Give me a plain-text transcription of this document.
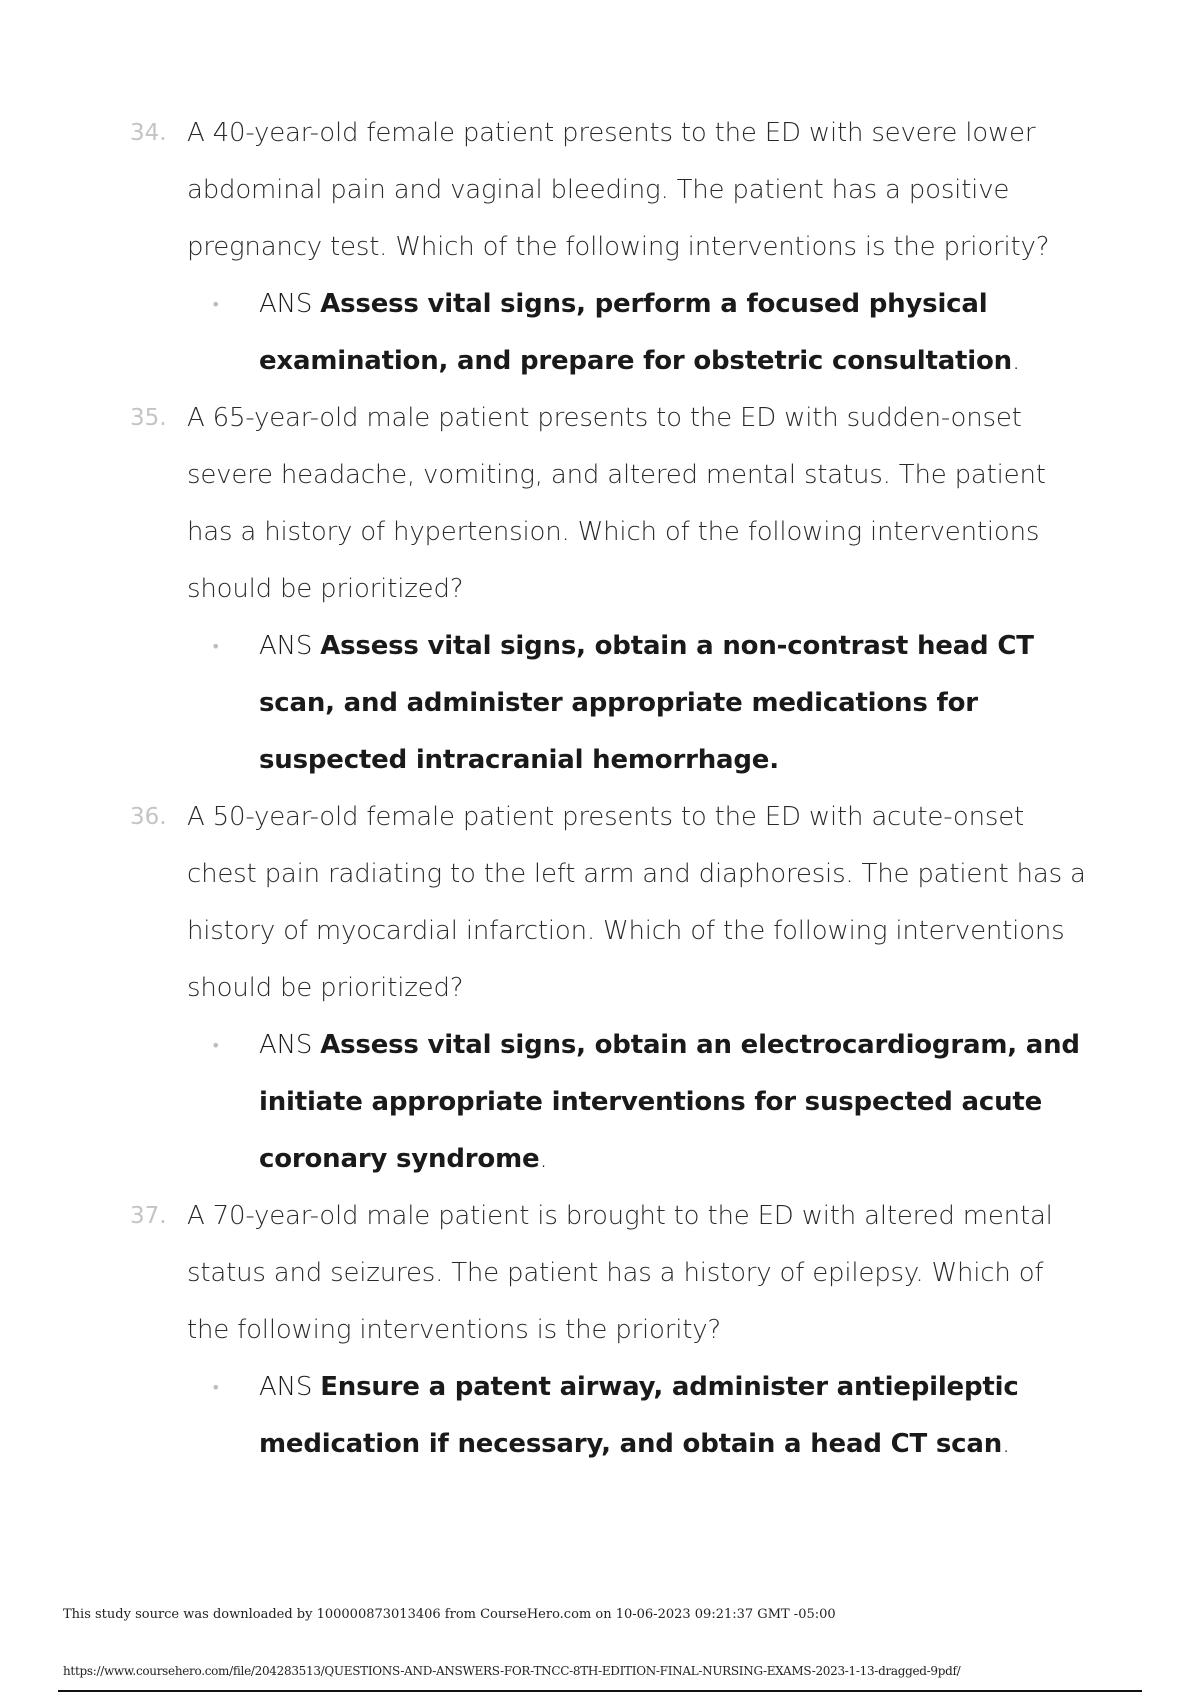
34. A 40-year-old female patient presents to the ED with severe lower abdominal pain and vaginal bleeding. The patient has a positive pregnancy test. Which of the following interventions is the priority?
• ANS Assess vital signs, perform a focused physical examination, and prepare for obstetric consultation.
35. A 65-year-old male patient presents to the ED with sudden-onset severe headache, vomiting, and altered mental status. The patient has a history of hypertension. Which of the following interventions should be prioritized?
• ANS Assess vital signs, obtain a non-contrast head CT scan, and administer appropriate medications for suspected intracranial hemorrhage.
36. A 50-year-old female patient presents to the ED with acute-onset chest pain radiating to the left arm and diaphoresis. The patient has a history of myocardial infarction. Which of the following interventions should be prioritized?
• ANS Assess vital signs, obtain an electrocardiogram, and initiate appropriate interventions for suspected acute coronary syndrome.
37. A 70-year-old male patient is brought to the ED with altered mental status and seizures. The patient has a history of epilepsy. Which of the following interventions is the priority?
• ANS Ensure a patent airway, administer antiepileptic medication if necessary, and obtain a head CT scan.
This study source was downloaded by 100000873013406 from CourseHero.com on 10-06-2023 09:21:37 GMT -05:00
https://www.coursehero.com/file/204283513/QUESTIONS-AND-ANSWERS-FOR-TNCC-8TH-EDITION-FINAL-NURSING-EXAMS-2023-1-13-dragged-9pdf/
